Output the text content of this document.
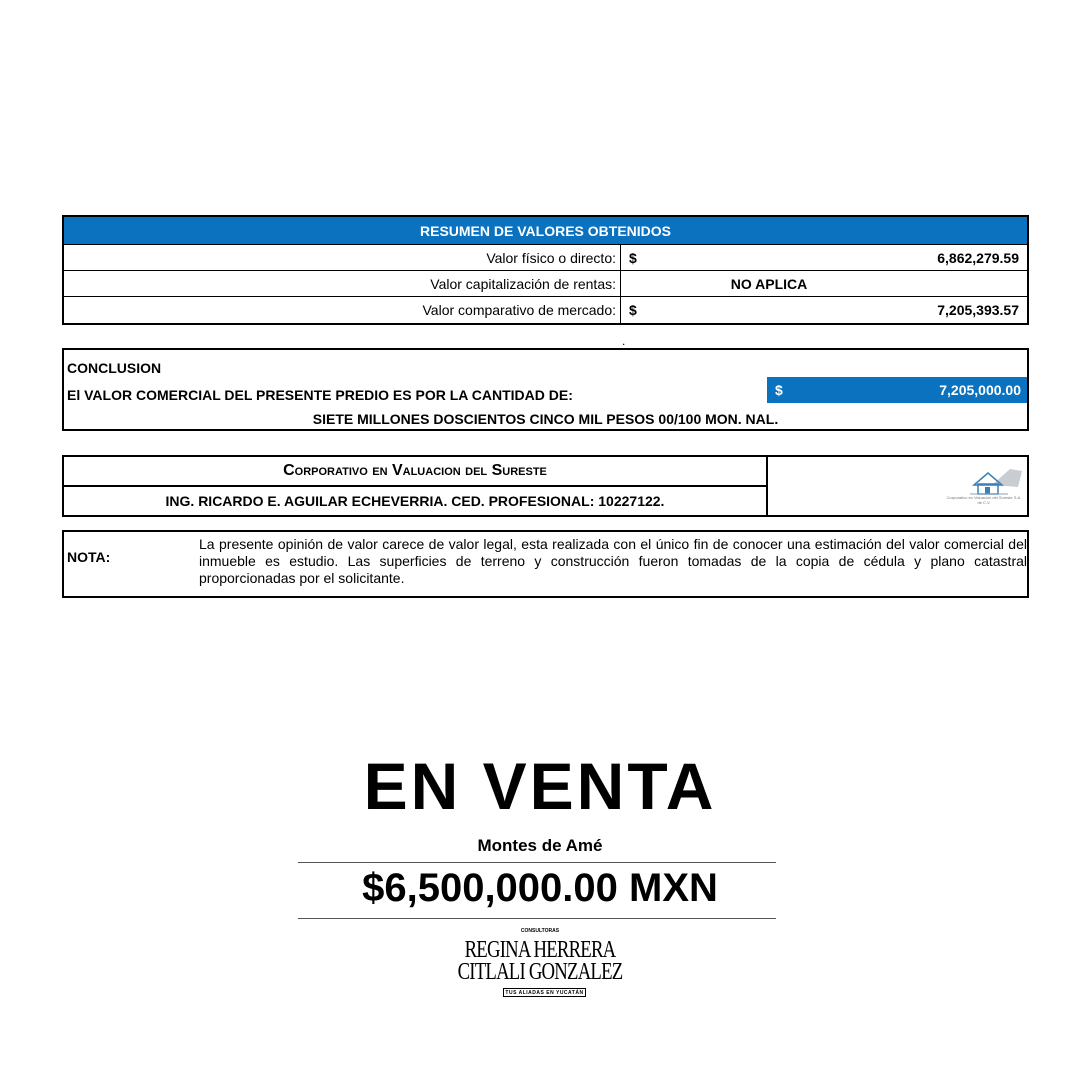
RESUMEN DE VALORES OBTENIDOS
Valor físico o directo: $	6,862,279.59
Valor capitalización de rentas:	NO APLICA
Valor comparativo de mercado: $	7,205,393.57
.
CONCLUSION
El VALOR COMERCIAL DEL PRESENTE PREDIO ES POR LA CANTIDAD DE:	$	7,205,000.00
SIETE MILLONES DOSCIENTOS CINCO MIL PESOS 00/100 MON. NAL.
Corporativo en Valuacion del Sureste
ING. RICARDO E. AGUILAR ECHEVERRIA. CED. PROFESIONAL: 10227122.	Corporativo en Valuacion del Sureste S.A. de C.V.
NOTA:
La presente opinión de valor carece de valor legal, esta realizada con el único fin de conocer una estimación del valor comercial del inmueble es estudio. Las superficies de terreno y construcción fueron tomadas de la copia de cédula y plano catastral proporcionadas por el solicitante.
EN VENTA
Montes de Amé
$6,500,000.00 MXN
CONSULTORAS
REGINA HERRERA
CITLALI GONZALEZ
TUS ALIADAS EN YUCATÁN
